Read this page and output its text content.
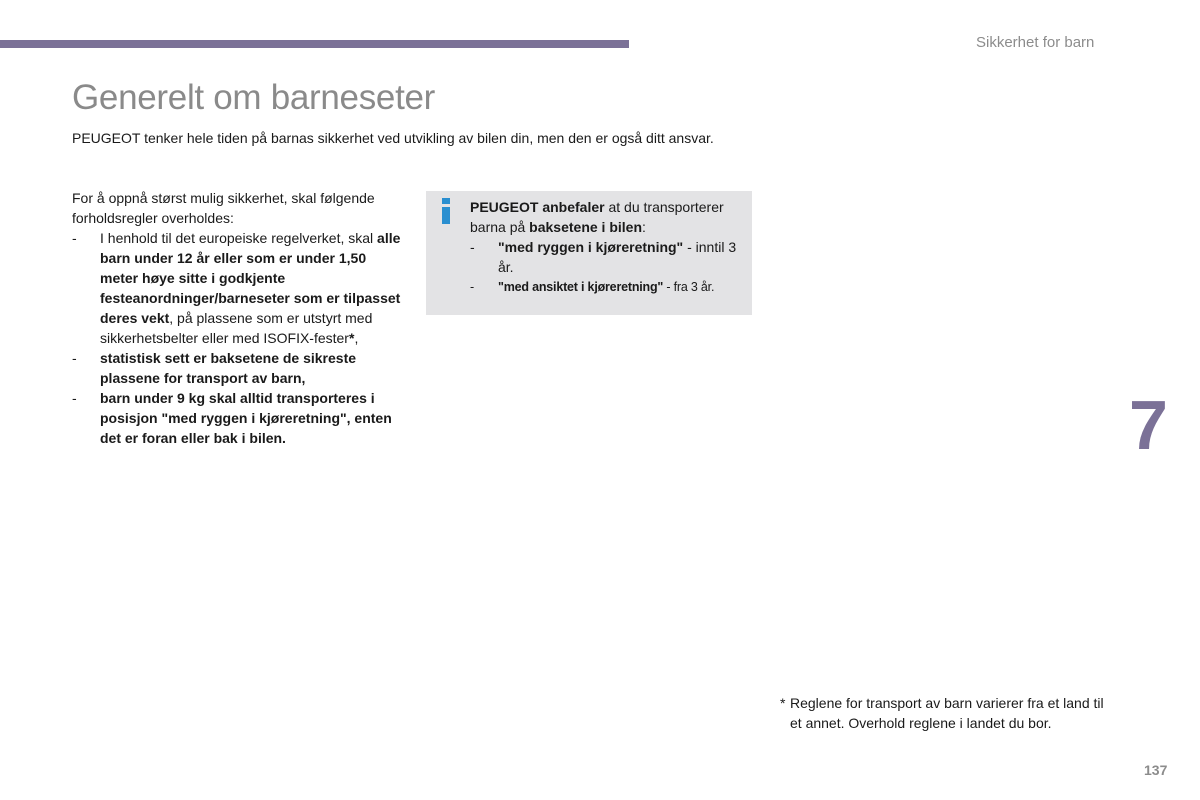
Sikkerhet for barn
Generelt om barneseter

PEUGEOT tenker hele tiden på barnas sikkerhet ved utvikling av bilen din, men den er også ditt ansvar.

For å oppnå størst mulig sikkerhet, skal følgende forholdsregler overholdes:

- I henhold til det europeiske regelverket, skal alle barn under 12 år eller som er under 1,50 meter høye sitte i godkjente festeanordninger/barneseter som er tilpasset deres vekt, på plassene som er utstyrt med sikkerhetsbelter eller med ISOFIX-fester*,
- statistisk sett er baksetene de sikreste plassene for transport av barn,
- barn under 9 kg skal alltid transporteres i posisjon "med ryggen i kjøreretning", enten det er foran eller bak i bilen.

PEUGEOT anbefaler at du transporterer barna på baksetene i bilen:

- "med ryggen i kjøreretning" - inntil 3 år.
- "med ansiktet i kjøreretning" - fra 3 år.
7
* Reglene for transport av barn varierer fra et land til et annet. Overhold reglene i landet du bor.
137
